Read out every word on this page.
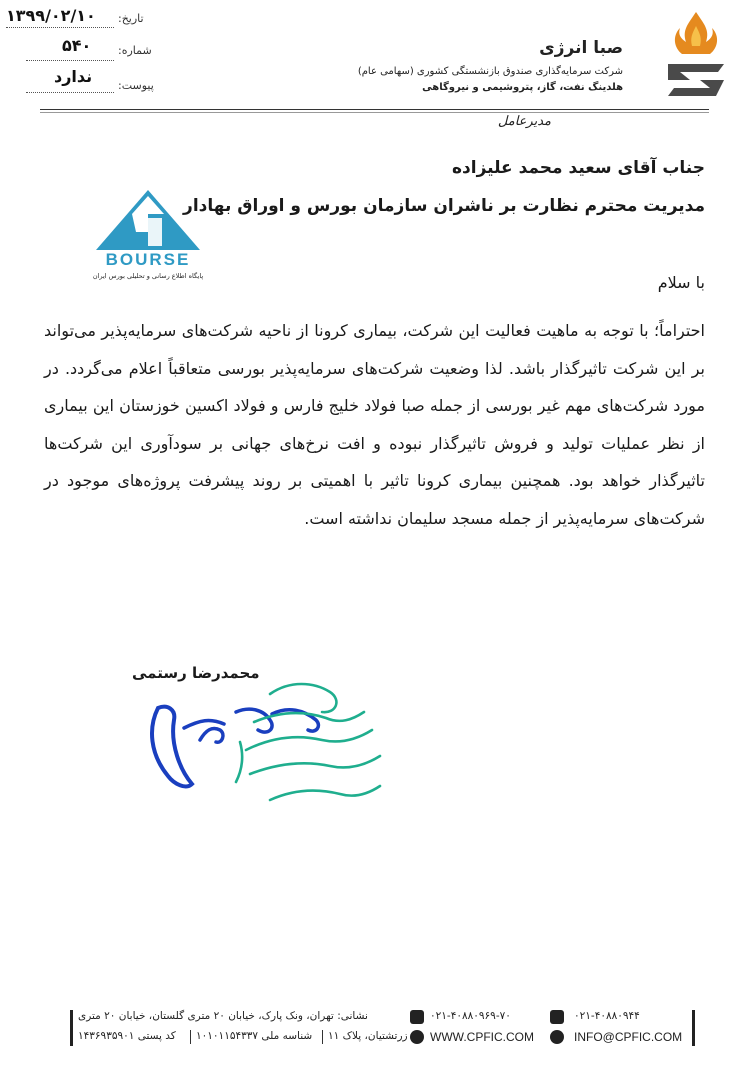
۱۳۹۹/۰۲/۱۰ تاریخ:
۵۴۰ شماره:
ندارد پیوست:
صبا انرژی
شرکت سرمایه‌گذاری صندوق بازنشستگی کشوری (سهامی عام)
هلدینگ نفت، گاز، پتروشیمی و نیروگاهی
BOURSE
پایگاه اطلاع رسانی و تحلیلی بورس ایران
مدیرعامل
جناب آقای سعید محمد علیزاده
مدیریت محترم نظارت بر ناشران سازمان بورس و اوراق بهادار
با سلام
احتراماً؛ با توجه به ماهیت فعالیت این شرکت، بیماری کرونا از ناحیه شرکت‌های سرمایه‌پذیر می‌تواند بر این شرکت تاثیرگذار باشد. لذا وضعیت شرکت‌های سرمایه‌پذیر بورسی متعاقباً اعلام می‌گردد. در مورد شرکت‌های مهم غیر بورسی از جمله صبا فولاد خلیج فارس و فولاد اکسین خوزستان این بیماری از نظر عملیات تولید و فروش تاثیرگذار نبوده و افت نرخ‌های جهانی بر سودآوری این شرکت‌ها تاثیرگذار خواهد بود. همچنین بیماری کرونا تاثیر با اهمیتی بر روند پیشرفت پروژه‌های موجود در شرکت‌های سرمایه‌پذیر از جمله مسجد سلیمان نداشته است.
محمدرضا رستمی
نشانی: تهران، ونک پارک، خیابان ۲۰ متری گلستان، خیابان ۲۰ متری
زرتشتیان، پلاک ۱۱
شناسه ملی ۱۰۱۰۱۱۵۴۳۳۷
کد پستی ۱۴۳۶۹۳۵۹۰۱
۰۲۱-۴۰۸۸۰۹۶۹-۷۰	۰۲۱-۴۰۸۸۰۹۴۴
WWW.CPFIC.COM	INFO@CPFIC.COM
